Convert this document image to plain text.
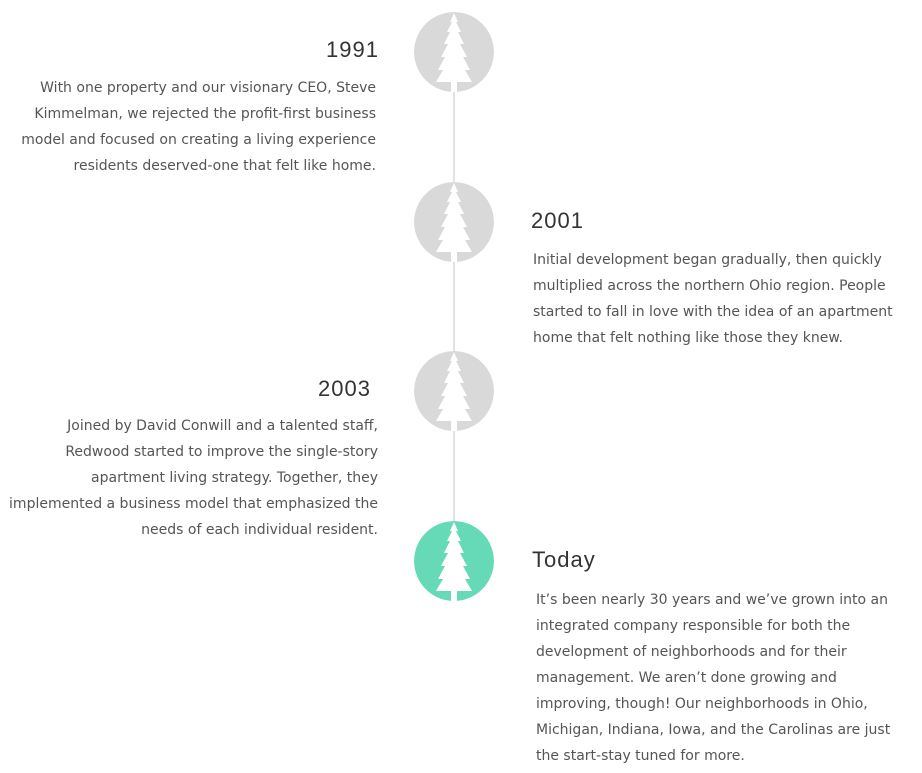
1991

With one property and our visionary CEO, Steve Kimmelman, we rejected the profit-first business model and focused on creating a living experience residents deserved-one that felt like home.

2001

Initial development began gradually, then quickly multiplied across the northern Ohio region. People started to fall in love with the idea of an apartment home that felt nothing like those they knew.

2003

Joined by David Conwill and a talented staff, Redwood started to improve the single-story apartment living strategy. Together, they implemented a business model that emphasized the needs of each individual resident.

Today

It’s been nearly 30 years and we’ve grown into an integrated company responsible for both the development of neighborhoods and for their management. We aren’t done growing and improving, though! Our neighborhoods in Ohio, Michigan, Indiana, Iowa, and the Carolinas are just the start-stay tuned for more.
